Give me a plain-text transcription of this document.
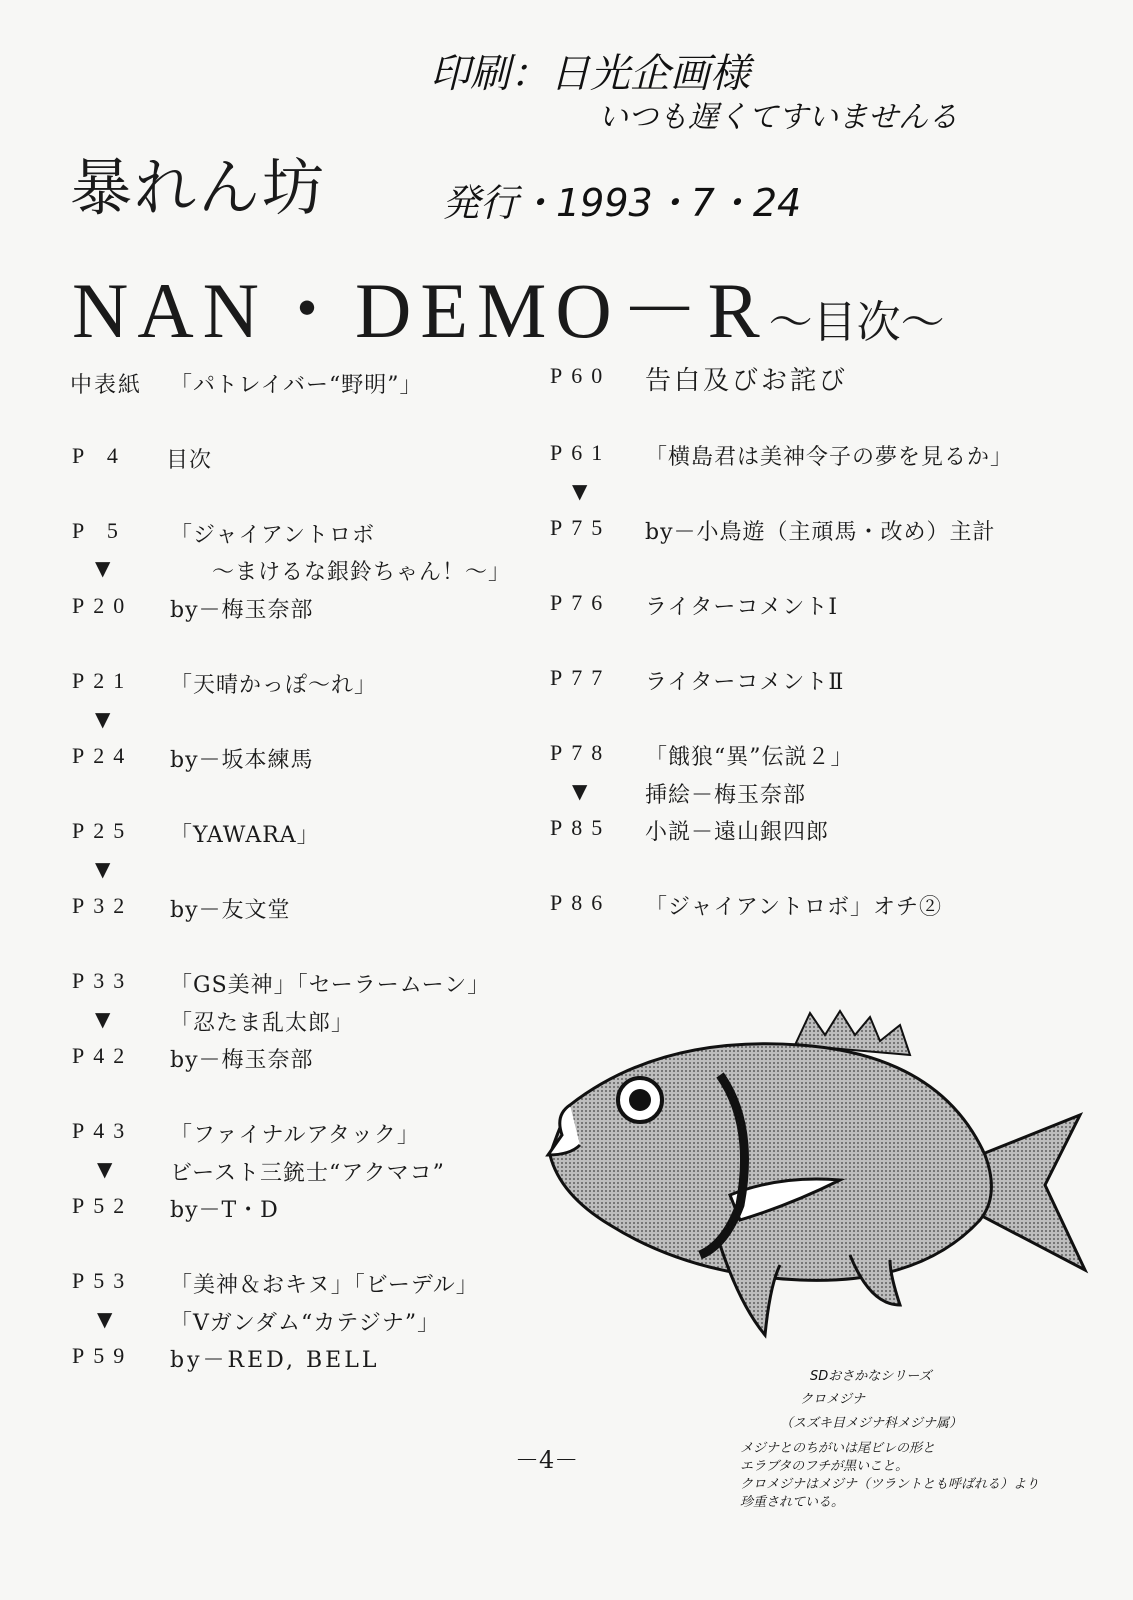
印刷：日光企画様
いつも遅くてすいませんる
発行・1993・7・24
暴れん坊
NAN・DEMO－R〜目次〜
中表紙 「パトレイバー“野明”」
P 4 目次
P 5 「ジャイアントロボ
▼	〜まけるな銀鈴ちゃん！〜」
P20 by－梅玉奈部
P21 「天晴かっぽ〜れ」
▼
P24 by－坂本練馬
P25 「YAWARA」
▼
P32 by－友文堂
P33 「GS美神」「セーラームーン」
▼	「忍たま乱太郎」
P42 by－梅玉奈部
P43 「ファイナルアタック」
▼	ビースト三銃士“アクマコ”
P52 by－T・D
P53 「美神＆おキヌ」「ビーデル」
▼	「Vガンダム“カテジナ”」
P59 by－RED, BELL
P60 告白及びお詫び
P61 「横島君は美神令子の夢を見るか」
▼
P75 by－小鳥遊（主頑馬・改め）主計
P76 ライターコメントⅠ
P77 ライターコメントⅡ
P78 「餓狼“異”伝説２」
▼	挿絵－梅玉奈部
P85 小説－遠山銀四郎
P86 「ジャイアントロボ」オチ②
SDおさかなシリーズ
クロメジナ
（スズキ目メジナ科メジナ属）
メジナとのちがいは尾ビレの形と
エラブタのフチが黒いこと。
クロメジナはメジナ（ツラントとも呼ばれる）より
珍重されている。
－4－
